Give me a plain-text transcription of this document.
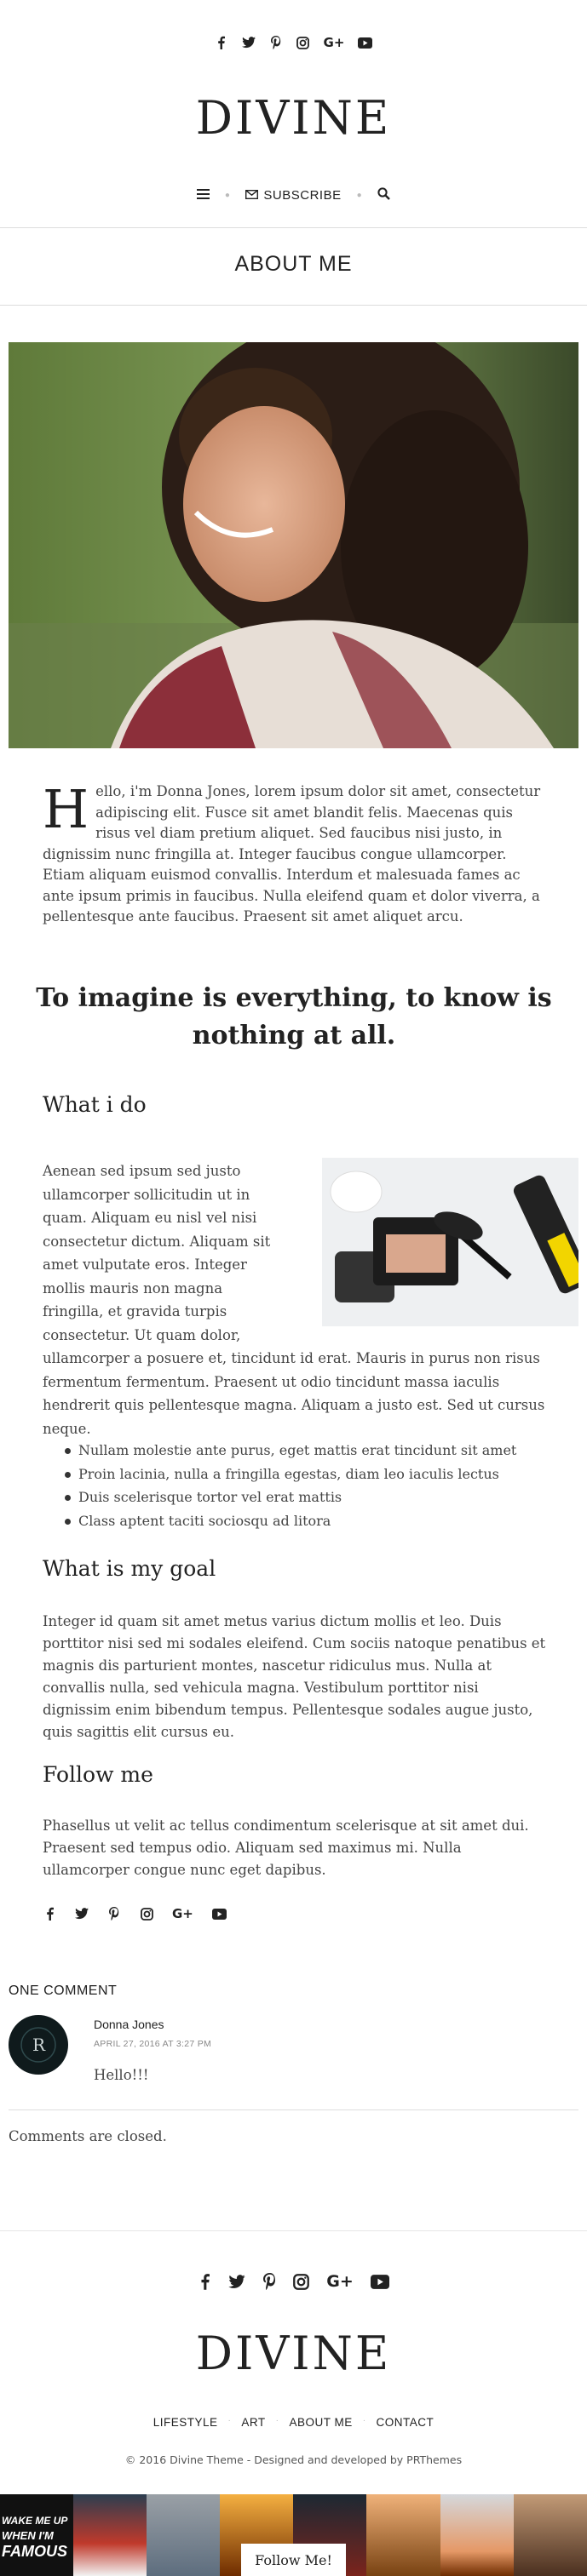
G+
DIVINE
●	SUBSCRIBE ●
ABOUT ME
H ello, i'm Donna Jones, lorem ipsum dolor sit amet, consectetur adipiscing elit. Fusce sit amet blandit felis. Maecenas quis risus vel diam pretium aliquet. Sed faucibus nisi justo, in dignissim nunc fringilla at. Integer faucibus congue ullamcorper. Etiam aliquam euismod convallis. Interdum et malesuada fames ac ante ipsum primis in faucibus. Nulla eleifend quam et dolor viverra, a pellentesque ante faucibus. Praesent sit amet aliquet arcu.
To imagine is everything, to know is nothing at all.
What i do
Aenean sed ipsum sed justo ullamcorper sollicitudin ut in quam. Aliquam eu nisl vel nisi consectetur dictum. Aliquam sit amet vulputate eros. Integer mollis mauris non magna fringilla, et gravida turpis consectetur. Ut quam dolor, ullamcorper a posuere et, tincidunt id erat. Mauris in purus non risus fermentum fermentum. Praesent ut odio tincidunt massa iaculis hendrerit quis pellentesque magna. Aliquam a justo est. Sed ut cursus neque.
Nullam molestie ante purus, eget mattis erat tincidunt sit amet
Proin lacinia, nulla a fringilla egestas, diam leo iaculis lectus
Duis scelerisque tortor vel erat mattis
Class aptent taciti sociosqu ad litora
What is my goal
Integer id quam sit amet metus varius dictum mollis et leo. Duis porttitor nisi sed mi sodales eleifend. Cum sociis natoque penatibus et magnis dis parturient montes, nascetur ridiculus mus. Nulla at convallis nulla, sed vehicula magna. Vestibulum porttitor nisi dignissim enim bibendum tempus. Pellentesque sodales augue justo, quis sagittis elit cursus eu.
Follow me
Phasellus ut velit ac tellus condimentum scelerisque at sit amet dui. Praesent sed tempus odio. Aliquam sed maximus mi. Nulla ullamcorper congue nunc eget dapibus.
G+
ONE COMMENT
R
Donna Jones
APRIL 27, 2016 AT 3:27 PM
Hello!!!
Comments are closed.
G+
DIVINE
LIFESTYLE · ART · ABOUT ME · CONTACT
© 2016 Divine Theme - Designed and developed by PRThemes
WAKE ME UP
WHEN I'M
FAMOUS	Follow Me!
